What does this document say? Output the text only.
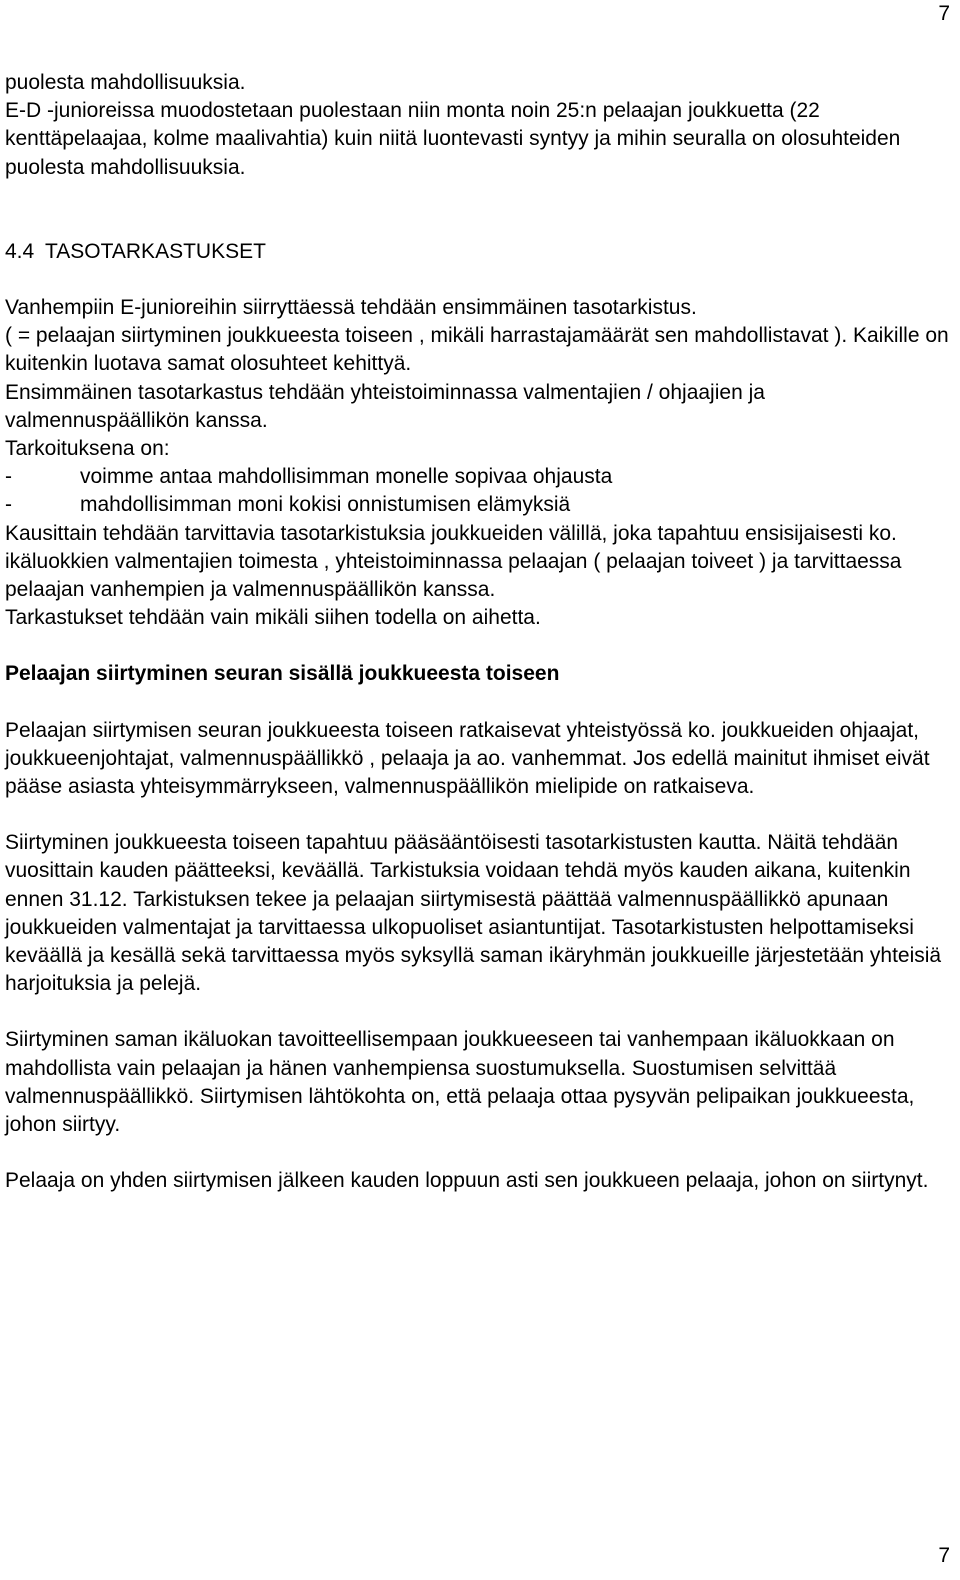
7

puolesta mahdollisuuksia.

E-D -junioreissa muodostetaan puolestaan niin monta noin 25:n pelaajan joukkuetta (22 kenttäpelaajaa, kolme maalivahtia) kuin niitä luontevasti syntyy ja mihin seuralla on olosuhteiden puolesta mahdollisuuksia.

4.4 TASOTARKASTUKSET

Vanhempiin E-junioreihin siirryttäessä tehdään ensimmäinen tasotarkistus.

( = pelaajan siirtyminen joukkueesta toiseen , mikäli harrastajamäärät sen mahdollistavat ). Kaikille on kuitenkin luotava samat olosuhteet kehittyä.

Ensimmäinen tasotarkastus tehdään yhteistoiminnassa valmentajien / ohjaajien ja valmennuspäällikön kanssa.

Tarkoituksena on:

-	voimme antaa mahdollisimman monelle sopivaa ohjausta
-	mahdollisimman moni kokisi onnistumisen elämyksiä

Kausittain tehdään tarvittavia tasotarkistuksia joukkueiden välillä, joka tapahtuu ensisijaisesti ko. ikäluokkien valmentajien toimesta , yhteistoiminnassa pelaajan ( pelaajan toiveet ) ja tarvittaessa pelaajan vanhempien ja valmennuspäällikön kanssa.

Tarkastukset tehdään vain mikäli siihen todella on aihetta.

Pelaajan siirtyminen seuran sisällä joukkueesta toiseen

Pelaajan siirtymisen seuran joukkueesta toiseen ratkaisevat yhteistyössä ko. joukkueiden ohjaajat, joukkueenjohtajat, valmennuspäällikkö , pelaaja ja ao. vanhemmat. Jos edellä mainitut ihmiset eivät pääse asiasta yhteisymmärrykseen, valmennuspäällikön mielipide on ratkaiseva.

Siirtyminen joukkueesta toiseen tapahtuu pääsääntöisesti tasotarkistusten kautta. Näitä tehdään vuosittain kauden päätteeksi, keväällä. Tarkistuksia voidaan tehdä myös kauden aikana, kuitenkin ennen 31.12. Tarkistuksen tekee ja pelaajan siirtymisestä päättää valmennuspäällikkö apunaan joukkueiden valmentajat ja tarvittaessa ulkopuoliset asiantuntijat. Tasotarkistusten helpottamiseksi keväällä ja kesällä sekä tarvittaessa myös syksyllä saman ikäryhmän joukkueille järjestetään yhteisiä harjoituksia ja pelejä.

Siirtyminen saman ikäluokan tavoitteellisempaan joukkueeseen tai vanhempaan ikäluokkaan on mahdollista vain pelaajan ja hänen vanhempiensa suostumuksella. Suostumisen selvittää valmennuspäällikkö. Siirtymisen lähtökohta on, että pelaaja ottaa pysyvän pelipaikan joukkueesta, johon siirtyy.

Pelaaja on yhden siirtymisen jälkeen kauden loppuun asti sen joukkueen pelaaja, johon on siirtynyt.

7
